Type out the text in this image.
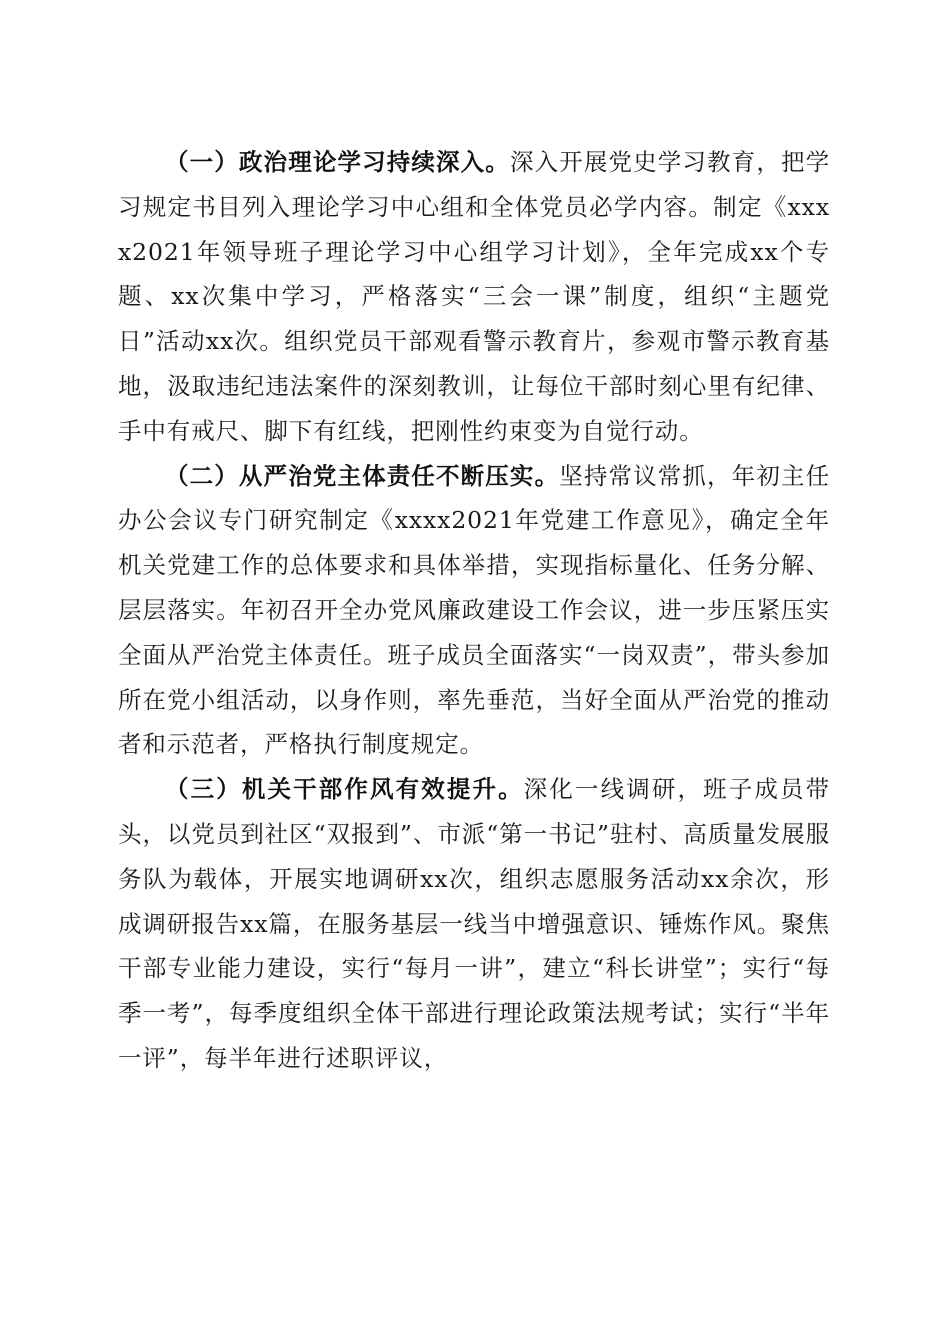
（一）政治理论学习持续深入。深入开展党史学习教育，把学习规定书目列入理论学习中心组和全体党员必学内容。制定《xxxx2021年领导班子理论学习中心组学习计划》，全年完成xx个专题、xx次集中学习，严格落实“三会一课”制度，组织“主题党日”活动xx次。组织党员干部观看警示教育片，参观市警示教育基地，汲取违纪违法案件的深刻教训，让每位干部时刻心里有纪律、手中有戒尺、脚下有红线，把刚性约束变为自觉行动。

（二）从严治党主体责任不断压实。坚持常议常抓，年初主任办公会议专门研究制定《xxxx2021年党建工作意见》，确定全年机关党建工作的总体要求和具体举措，实现指标量化、任务分解、层层落实。年初召开全办党风廉政建设工作会议，进一步压紧压实全面从严治党主体责任。班子成员全面落实“一岗双责”，带头参加所在党小组活动，以身作则，率先垂范，当好全面从严治党的推动者和示范者，严格执行制度规定。

（三）机关干部作风有效提升。深化一线调研，班子成员带头，以党员到社区“双报到”、市派“第一书记”驻村、高质量发展服务队为载体，开展实地调研xx次，组织志愿服务活动xx余次，形成调研报告xx篇，在服务基层一线当中增强意识、锤炼作风。聚焦干部专业能力建设，实行“每月一讲”，建立“科长讲堂”；实行“每季一考”，每季度组织全体干部进行理论政策法规考试；实行“半年一评”，每半年进行述职评议，
